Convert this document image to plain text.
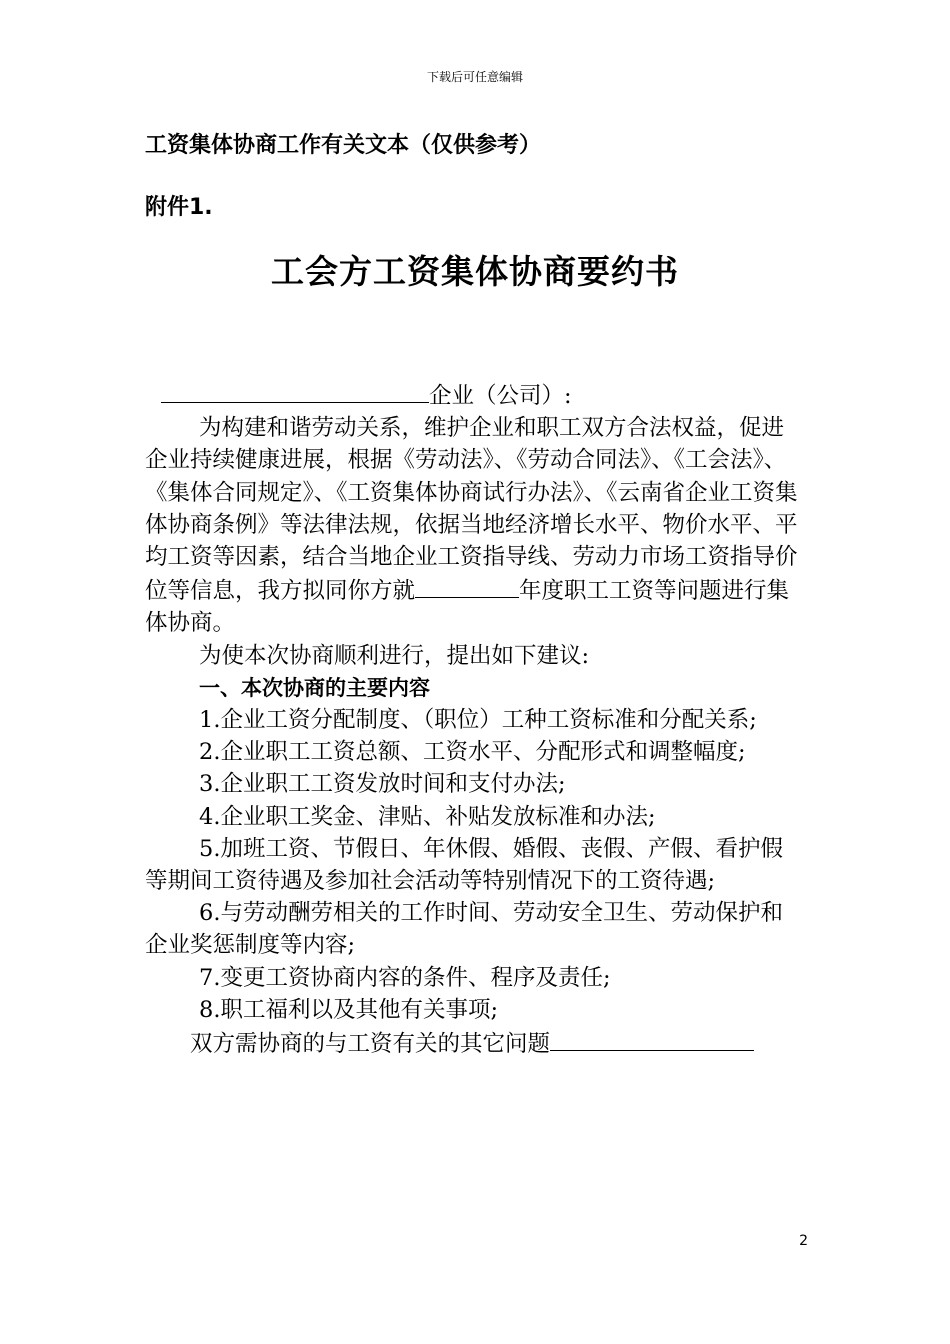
下载后可任意编辑
工资集体协商工作有关文本（仅供参考）
附件1.
工会方工资集体协商要约书

企业（公司）:

为构建和谐劳动关系，维护企业和职工双方合法权益，促进企业持续健康进展，根据《劳动法》、《劳动合同法》、《工会法》、《集体合同规定》、《工资集体协商试行办法》、《云南省企业工资集体协商条例》等法律法规，依据当地经济增长水平、物价水平、平均工资等因素，结合当地企业工资指导线、劳动力市场工资指导价位等信息，我方拟同你方就	年度职工工资等问题进行集体协商。

为使本次协商顺利进行，提出如下建议:

一、本次协商的主要内容

1.企业工资分配制度、（职位）工种工资标准和分配关系;

2.企业职工工资总额、工资水平、分配形式和调整幅度;

3.企业职工工资发放时间和支付办法;

4.企业职工奖金、津贴、补贴发放标准和办法;

5.加班工资、节假日、年休假、婚假、丧假、产假、看护假等期间工资待遇及参加社会活动等特别情况下的工资待遇;

6.与劳动酬劳相关的工作时间、劳动安全卫生、劳动保护和企业奖惩制度等内容;

7.变更工资协商内容的条件、程序及责任;

8.职工福利以及其他有关事项;

双方需协商的与工资有关的其它问题

2
